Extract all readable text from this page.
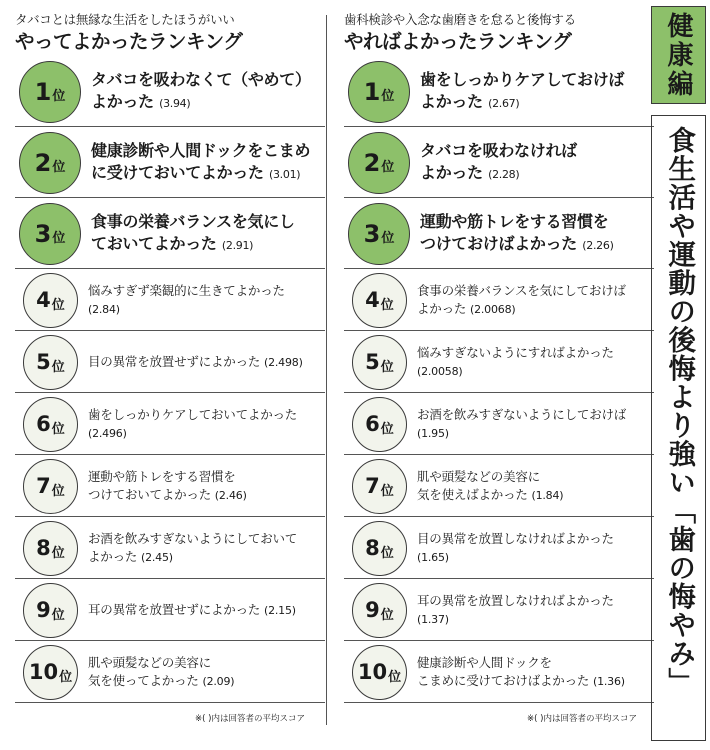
タバコとは無縁な生活をしたほうがいい
やってよかったランキング
1 位
タバコを吸わなくて（やめて）
よかった (3.94)
2 位
健康診断や人間ドックをこまめ
に受けておいてよかった (3.01)
3 位
食事の栄養バランスを気にし
ておいてよかった (2.91)
4 位
悩みすぎず楽観的に生きてよかった
(2.84)
5 位 目の異常を放置せずによかった (2.498)
6 位
歯をしっかりケアしておいてよかった
(2.496)
7 位
運動や筋トレをする習慣を
つけておいてよかった (2.46)
8 位
お酒を飲みすぎないようにしておいて
よかった (2.45)
9 位 耳の異常を放置せずによかった (2.15)
10 位
肌や頭髪などの美容に
気を使ってよかった (2.09)
歯科検診や入念な歯磨きを怠ると後悔する
やればよかったランキング
1 位
歯をしっかりケアしておけば
よかった (2.67)
2 位
タバコを吸わなければ
よかった (2.28)
3 位
運動や筋トレをする習慣を
つけておけばよかった (2.26)
4 位
食事の栄養バランスを気にしておけば
よかった (2.0068)
5 位
悩みすぎないようにすればよかった
(2.0058)
6 位
お酒を飲みすぎないようにしておけば
(1.95)
7 位
肌や頭髪などの美容に
気を使えばよかった (1.84)
8 位
目の異常を放置しなければよかった
(1.65)
9 位
耳の異常を放置しなければよかった
(1.37)
10 位
健康診断や人間ドックを
こまめに受けておけばよかった (1.36)
※( )内は回答者の平均スコア	※( )内は回答者の平均スコア
健康編
食生活や運動の後悔より強い「歯の悔やみ」
